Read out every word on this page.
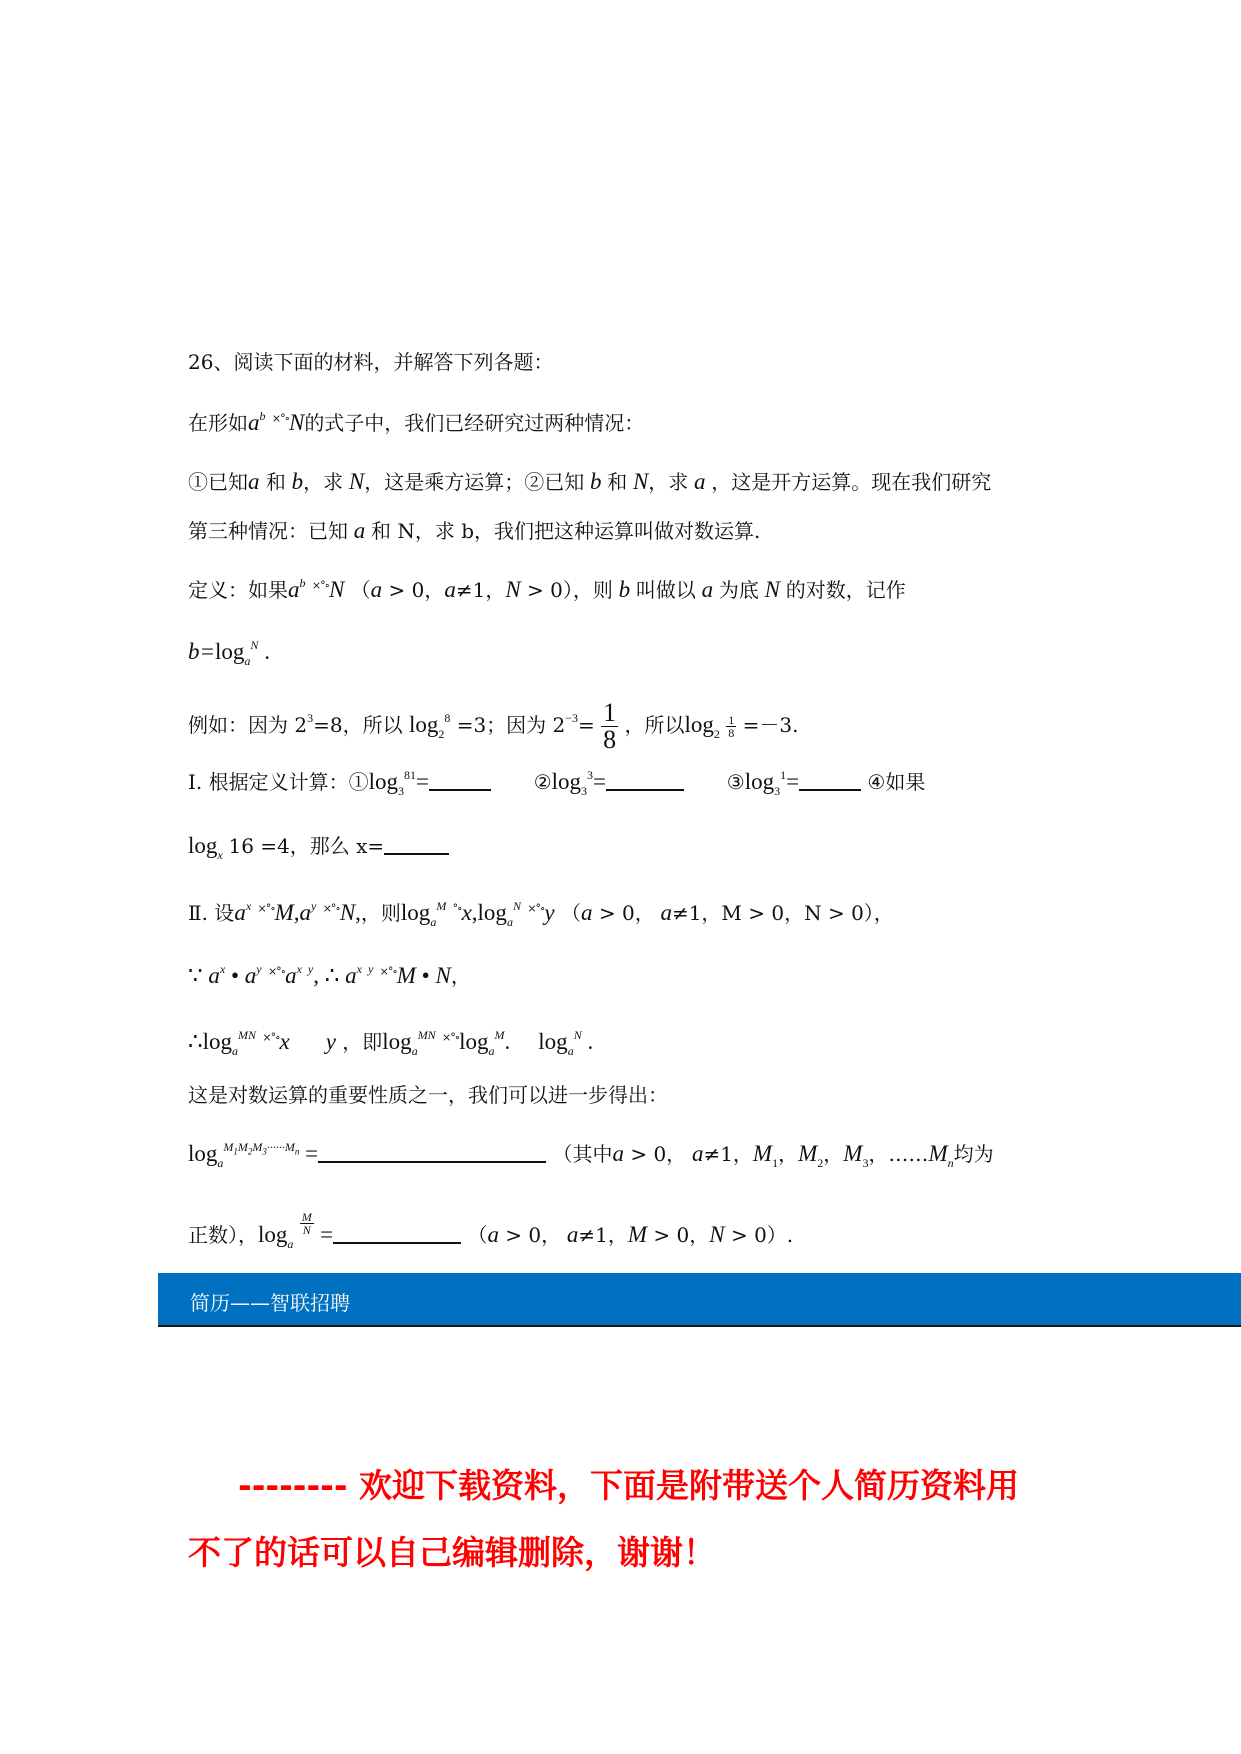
26、阅读下面的材料，并解答下列各题：
在形如$a^b$ ×°∘N的式子中，我们已经研究过两种情况：
①已知a 和 b，求 N，这是乘方运算；②已知 b 和 N，求 a ，这是开方运算。现在我们研究
第三种情况：已知 a 和 N，求 b，我们把这种运算叫做对数运算.
定义：如果$a^b$ ×°∘N （a > 0，a≠1，N > 0），则 b 叫做以 a 为底 N 的对数，记作
$b=\log_a^N$ .
例如：因为 $2^3=8$，所以 $\log_2^8 =3$；因为 $2^{-3}= \frac{1}{8}$ ，所以$\log_2 \frac{1}{8} =-3$.
Ⅰ. 根据定义计算：$①\log_3^{81}=$	$②\log_3^3=$	$③\log_3^1=$	④如果
$\log_x 16 =4$，那么 x=
Ⅱ. 设$a^x$ $^{\times^\circ\circ}M,a^y$ ×°∘N,，则$\log_a^M ^{^\circ\circ}x,\log_a^N$ ×°∘y （a > 0， a≠1，M > 0，N > 0），
∵ $a^x$ • $a^y$ $^{\times^\circ\circ}a^{x y}$, ∴ $a^{x y}$ ×°∘M • N，
$\therefore\log_a^{MN}$ ×°∘x y ，即$\log_a^{MN} ^{\times^\circ\circ}\log_a^M$. $\log_a^N$ .
这是对数运算的重要性质之一，我们可以进一步得出：
$\log_a^{M_1M_2M_3\cdot\cdot\cdot\cdot\cdot\cdot M_n}$ =	（其中a > 0， a≠1，$M_1$，$M_2$，$M_3$，$\dots\dots M_n$均为
正数），$\log_a$
$\frac{M}{N}$ =	（a > 0， a≠1，M > 0，N > 0）.
简历——智联招聘
-------- 欢迎下载资料，下面是附带送个人简历资料用
不了的话可以自己编辑删除，谢谢！
